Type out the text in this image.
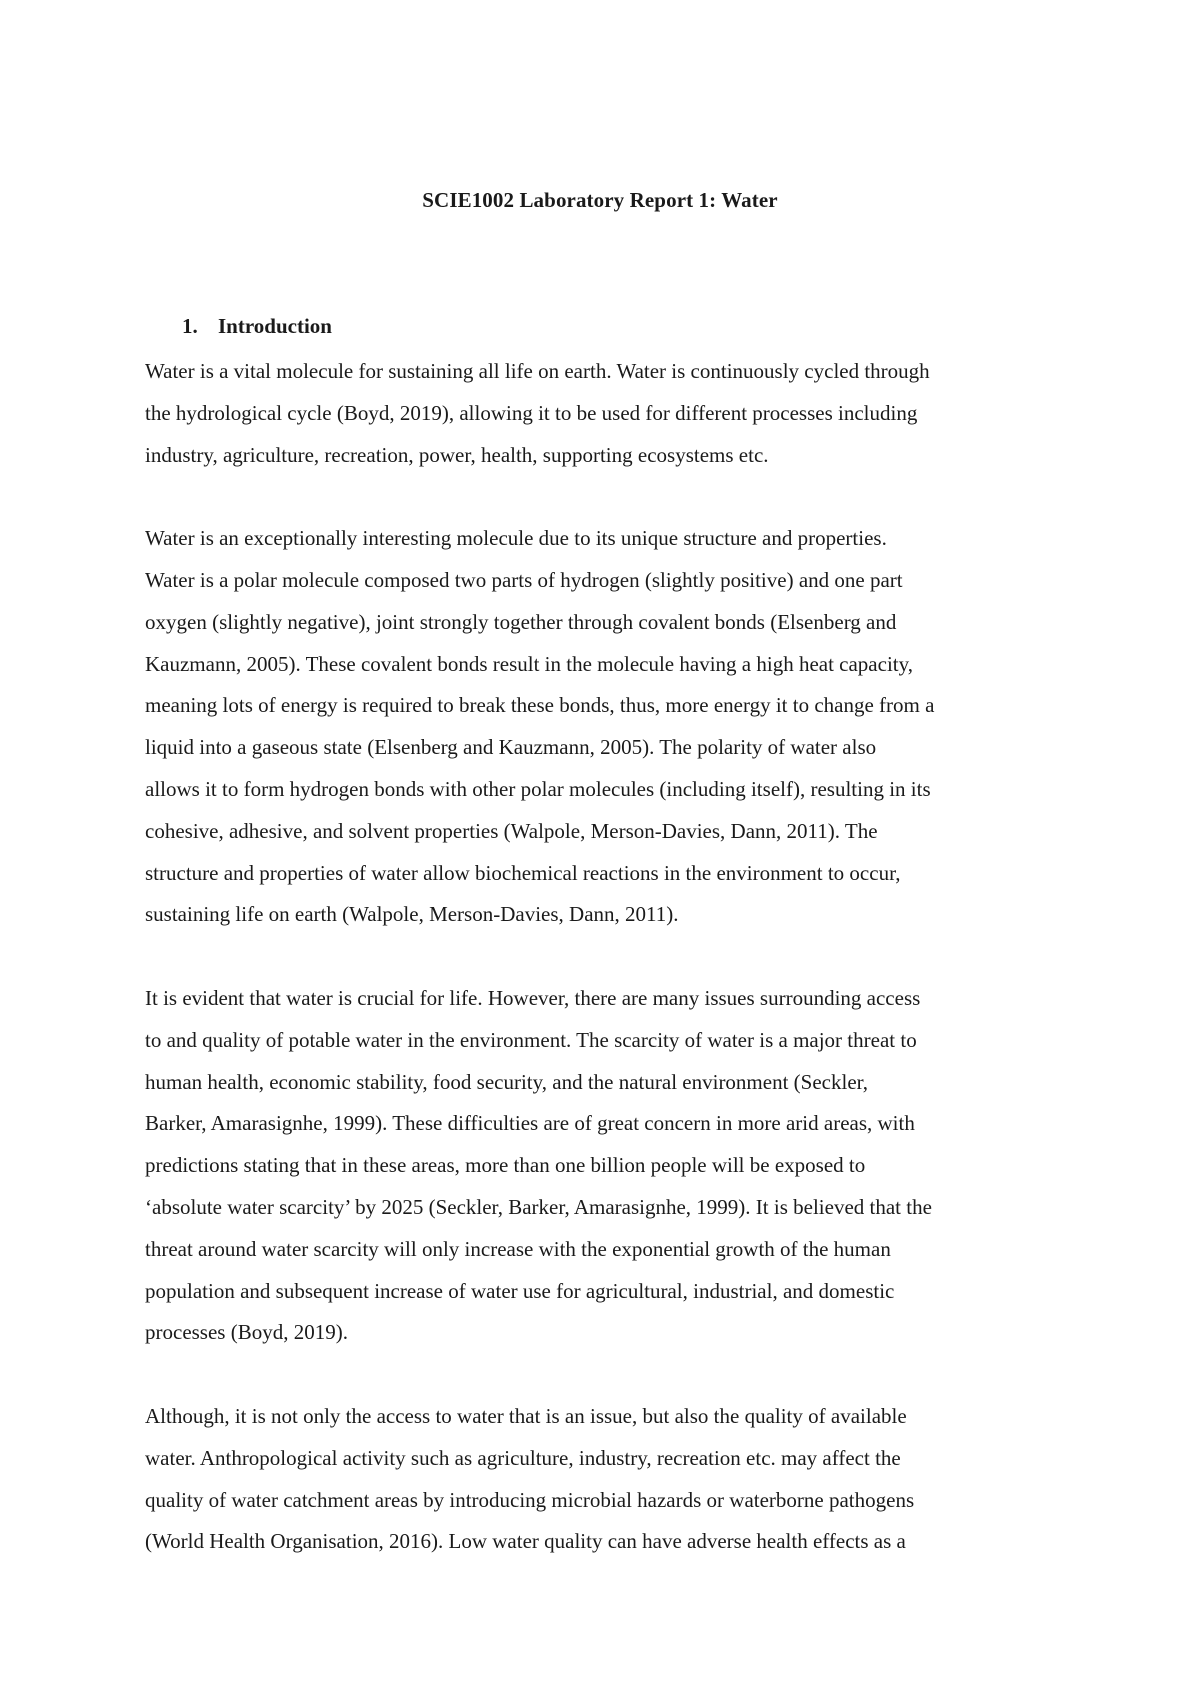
SCIE1002 Laboratory Report 1: Water
1. Introduction
Water is a vital molecule for sustaining all life on earth. Water is continuously cycled through
the hydrological cycle (Boyd, 2019), allowing it to be used for different processes including
industry, agriculture, recreation, power, health, supporting ecosystems etc.
Water is an exceptionally interesting molecule due to its unique structure and properties.
Water is a polar molecule composed two parts of hydrogen (slightly positive) and one part
oxygen (slightly negative), joint strongly together through covalent bonds (Elsenberg and
Kauzmann, 2005). These covalent bonds result in the molecule having a high heat capacity,
meaning lots of energy is required to break these bonds, thus, more energy it to change from a
liquid into a gaseous state (Elsenberg and Kauzmann, 2005). The polarity of water also
allows it to form hydrogen bonds with other polar molecules (including itself), resulting in its
cohesive, adhesive, and solvent properties (Walpole, Merson-Davies, Dann, 2011). The
structure and properties of water allow biochemical reactions in the environment to occur,
sustaining life on earth (Walpole, Merson-Davies, Dann, 2011).
It is evident that water is crucial for life. However, there are many issues surrounding access
to and quality of potable water in the environment. The scarcity of water is a major threat to
human health, economic stability, food security, and the natural environment (Seckler,
Barker, Amarasignhe, 1999). These difficulties are of great concern in more arid areas, with
predictions stating that in these areas, more than one billion people will be exposed to
‘absolute water scarcity’ by 2025 (Seckler, Barker, Amarasignhe, 1999). It is believed that the
threat around water scarcity will only increase with the exponential growth of the human
population and subsequent increase of water use for agricultural, industrial, and domestic
processes (Boyd, 2019).
Although, it is not only the access to water that is an issue, but also the quality of available
water. Anthropological activity such as agriculture, industry, recreation etc. may affect the
quality of water catchment areas by introducing microbial hazards or waterborne pathogens
(World Health Organisation, 2016). Low water quality can have adverse health effects as a
